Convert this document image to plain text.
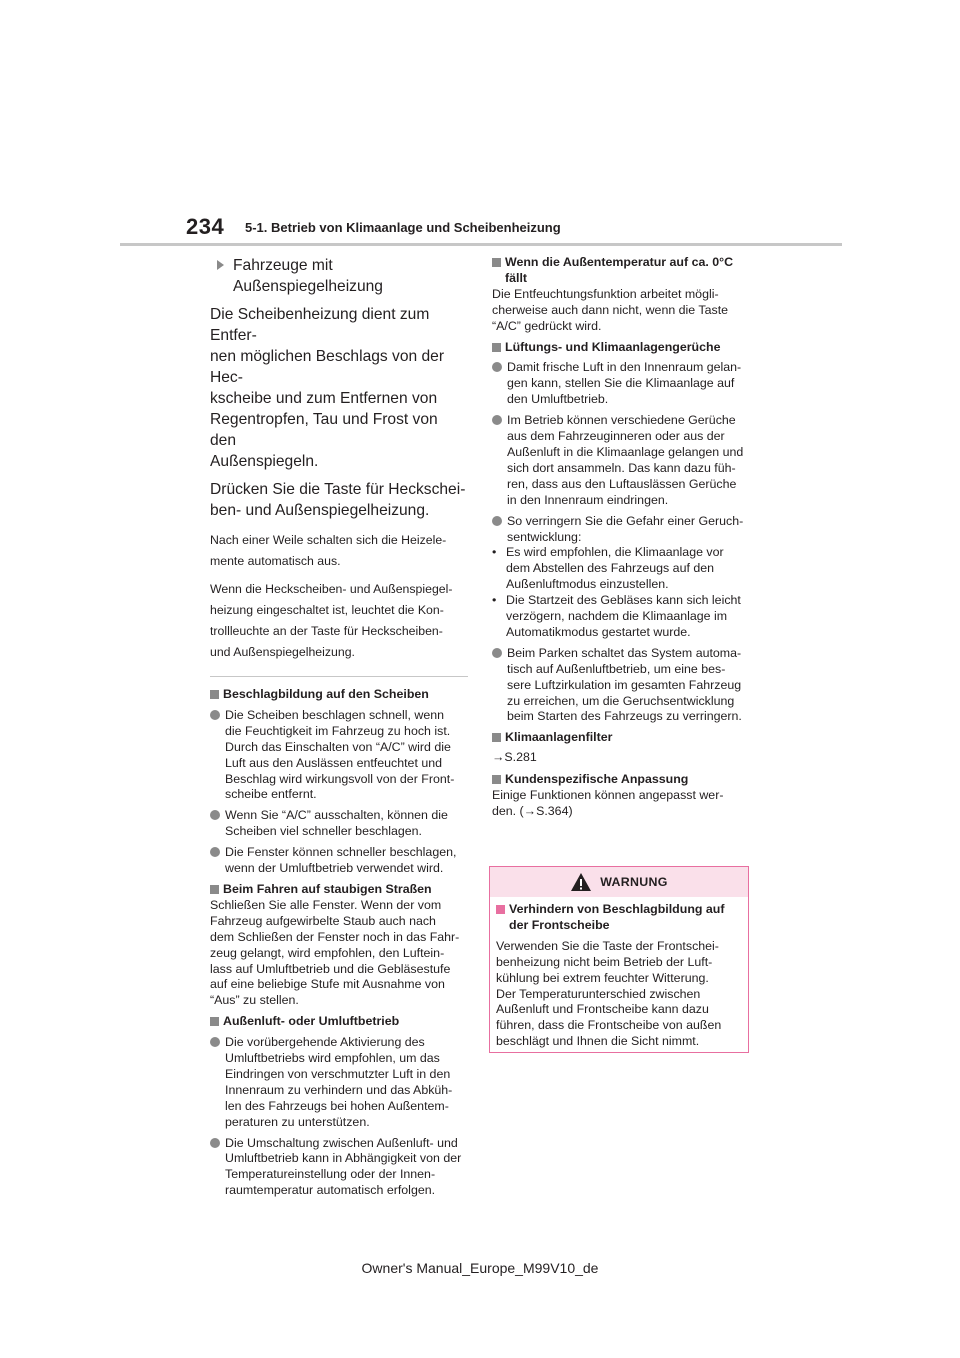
234 5-1. Betrieb von Klimaanlage und Scheibenheizung
Fahrzeuge mit Außenspiegelheizung
Die Scheibenheizung dient zum Entfer-
nen möglichen Beschlags von der Hec-
kscheibe und zum Entfernen von
Regentropfen, Tau und Frost von den
Außenspiegeln.
Drücken Sie die Taste für Heckschei-
ben- und Außenspiegelheizung.
Nach einer Weile schalten sich die Heizele-
mente automatisch aus.
Wenn die Heckscheiben- und Außenspiegel-
heizung eingeschaltet ist, leuchtet die Kon-
trollleuchte an der Taste für Heckscheiben-
und Außenspiegelheizung.
Beschlagbildung auf den Scheiben
Die Scheiben beschlagen schnell, wenn
die Feuchtigkeit im Fahrzeug zu hoch ist.
Durch das Einschalten von “A/C” wird die
Luft aus den Auslässen entfeuchtet und
Beschlag wird wirkungsvoll von der Front-
scheibe entfernt.
Wenn Sie “A/C” ausschalten, können die
Scheiben viel schneller beschlagen.
Die Fenster können schneller beschlagen,
wenn der Umluftbetrieb verwendet wird.
Beim Fahren auf staubigen Straßen
Schließen Sie alle Fenster. Wenn der vom
Fahrzeug aufgewirbelte Staub auch nach
dem Schließen der Fenster noch in das Fahr-
zeug gelangt, wird empfohlen, den Luftein-
lass auf Umluftbetrieb und die Gebläsestufe
auf eine beliebige Stufe mit Ausnahme von
“Aus” zu stellen.
Außenluft- oder Umluftbetrieb
Die vorübergehende Aktivierung des
Umluftbetriebs wird empfohlen, um das
Eindringen von verschmutzter Luft in den
Innenraum zu verhindern und das Abküh-
len des Fahrzeugs bei hohen Außentem-
peraturen zu unterstützen.
Die Umschaltung zwischen Außenluft- und
Umluftbetrieb kann in Abhängigkeit von der
Temperatureinstellung oder der Innen-
raumtemperatur automatisch erfolgen.
Wenn die Außentemperatur auf ca. 0°C
fällt
Die Entfeuchtungsfunktion arbeitet mögli-
cherweise auch dann nicht, wenn die Taste
“A/C” gedrückt wird.
Lüftungs- und Klimaanlagengerüche
Damit frische Luft in den Innenraum gelan-
gen kann, stellen Sie die Klimaanlage auf
den Umluftbetrieb.
Im Betrieb können verschiedene Gerüche
aus dem Fahrzeuginneren oder aus der
Außenluft in die Klimaanlage gelangen und
sich dort ansammeln. Das kann dazu füh-
ren, dass aus den Luftauslässen Gerüche
in den Innenraum eindringen.
So verringern Sie die Gefahr einer Geruch-
sentwicklung:
• Es wird empfohlen, die Klimaanlage vor
dem Abstellen des Fahrzeugs auf den
Außenluftmodus einzustellen.
• Die Startzeit des Gebläses kann sich leicht
verzögern, nachdem die Klimaanlage im
Automatikmodus gestartet wurde.
Beim Parken schaltet das System automa-
tisch auf Außenluftbetrieb, um eine bes-
sere Luftzirkulation im gesamten Fahrzeug
zu erreichen, um die Geruchsentwicklung
beim Starten des Fahrzeugs zu verringern.
Klimaanlagenfilter
→S.281
Kundenspezifische Anpassung
Einige Funktionen können angepasst wer-
den. (→S.364)
WARNUNG
Verhindern von Beschlagbildung auf
der Frontscheibe
Verwenden Sie die Taste der Frontschei-
benheizung nicht beim Betrieb der Luft-
kühlung bei extrem feuchter Witterung.
Der Temperaturunterschied zwischen
Außenluft und Frontscheibe kann dazu
führen, dass die Frontscheibe von außen
beschlägt und Ihnen die Sicht nimmt.
Owner's Manual_Europe_M99V10_de
